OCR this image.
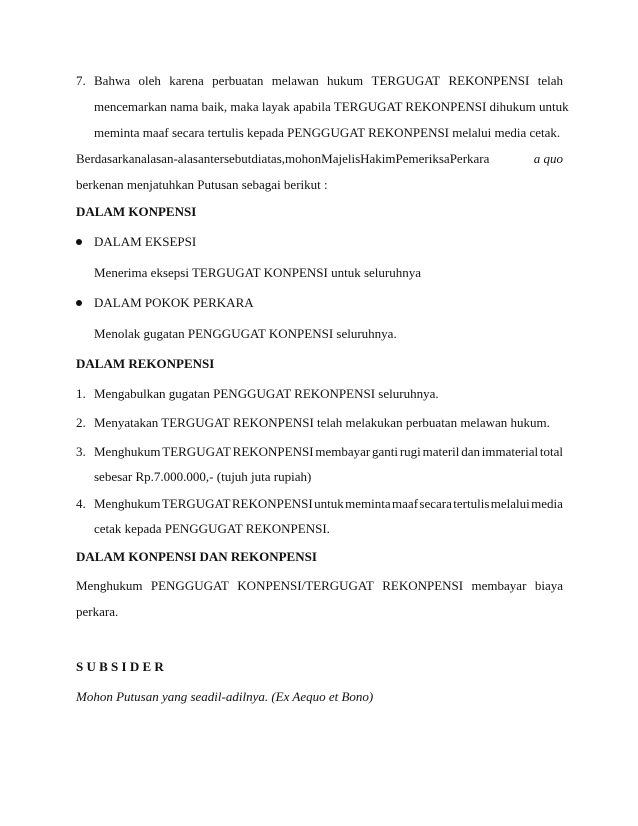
7. Bahwa oleh karena perbuatan melawan hukum TERGUGAT REKONPENSI telah
mencemarkan nama baik, maka layak apabila TERGUGAT REKONPENSI dihukum untuk
meminta maaf secara tertulis kepada PENGGUGAT REKONPENSI melalui media cetak.
Berdasarkanalasan-alasantersebutdiatas,mohonMajelisHakimPemeriksaPerkara	a quo
berkenan menjatuhkan Putusan sebagai berikut :
DALAM KONPENSI
DALAM EKSEPSI
Menerima eksepsi TERGUGAT KONPENSI untuk seluruhnya
DALAM POKOK PERKARA
Menolak gugatan PENGGUGAT KONPENSI seluruhnya.
DALAM REKONPENSI
1. Mengabulkan gugatan PENGGUGAT REKONPENSI seluruhnya.
2. Menyatakan TERGUGAT REKONPENSI telah melakukan perbuatan melawan hukum.
3. Menghukum TERGUGAT REKONPENSI membayar ganti rugi materil dan immaterial total
sebesar Rp.7.000.000,- (tujuh juta rupiah)
4. Menghukum TERGUGAT REKONPENSI untuk meminta maaf secara tertulis melalui media
cetak kepada PENGGUGAT REKONPENSI.
DALAM KONPENSI DAN REKONPENSI
Menghukum PENGGUGAT KONPENSI/TERGUGAT REKONPENSI membayar biaya
perkara.
S U B S I D E R
Mohon Putusan yang seadil-adilnya. (Ex Aequo et Bono)
